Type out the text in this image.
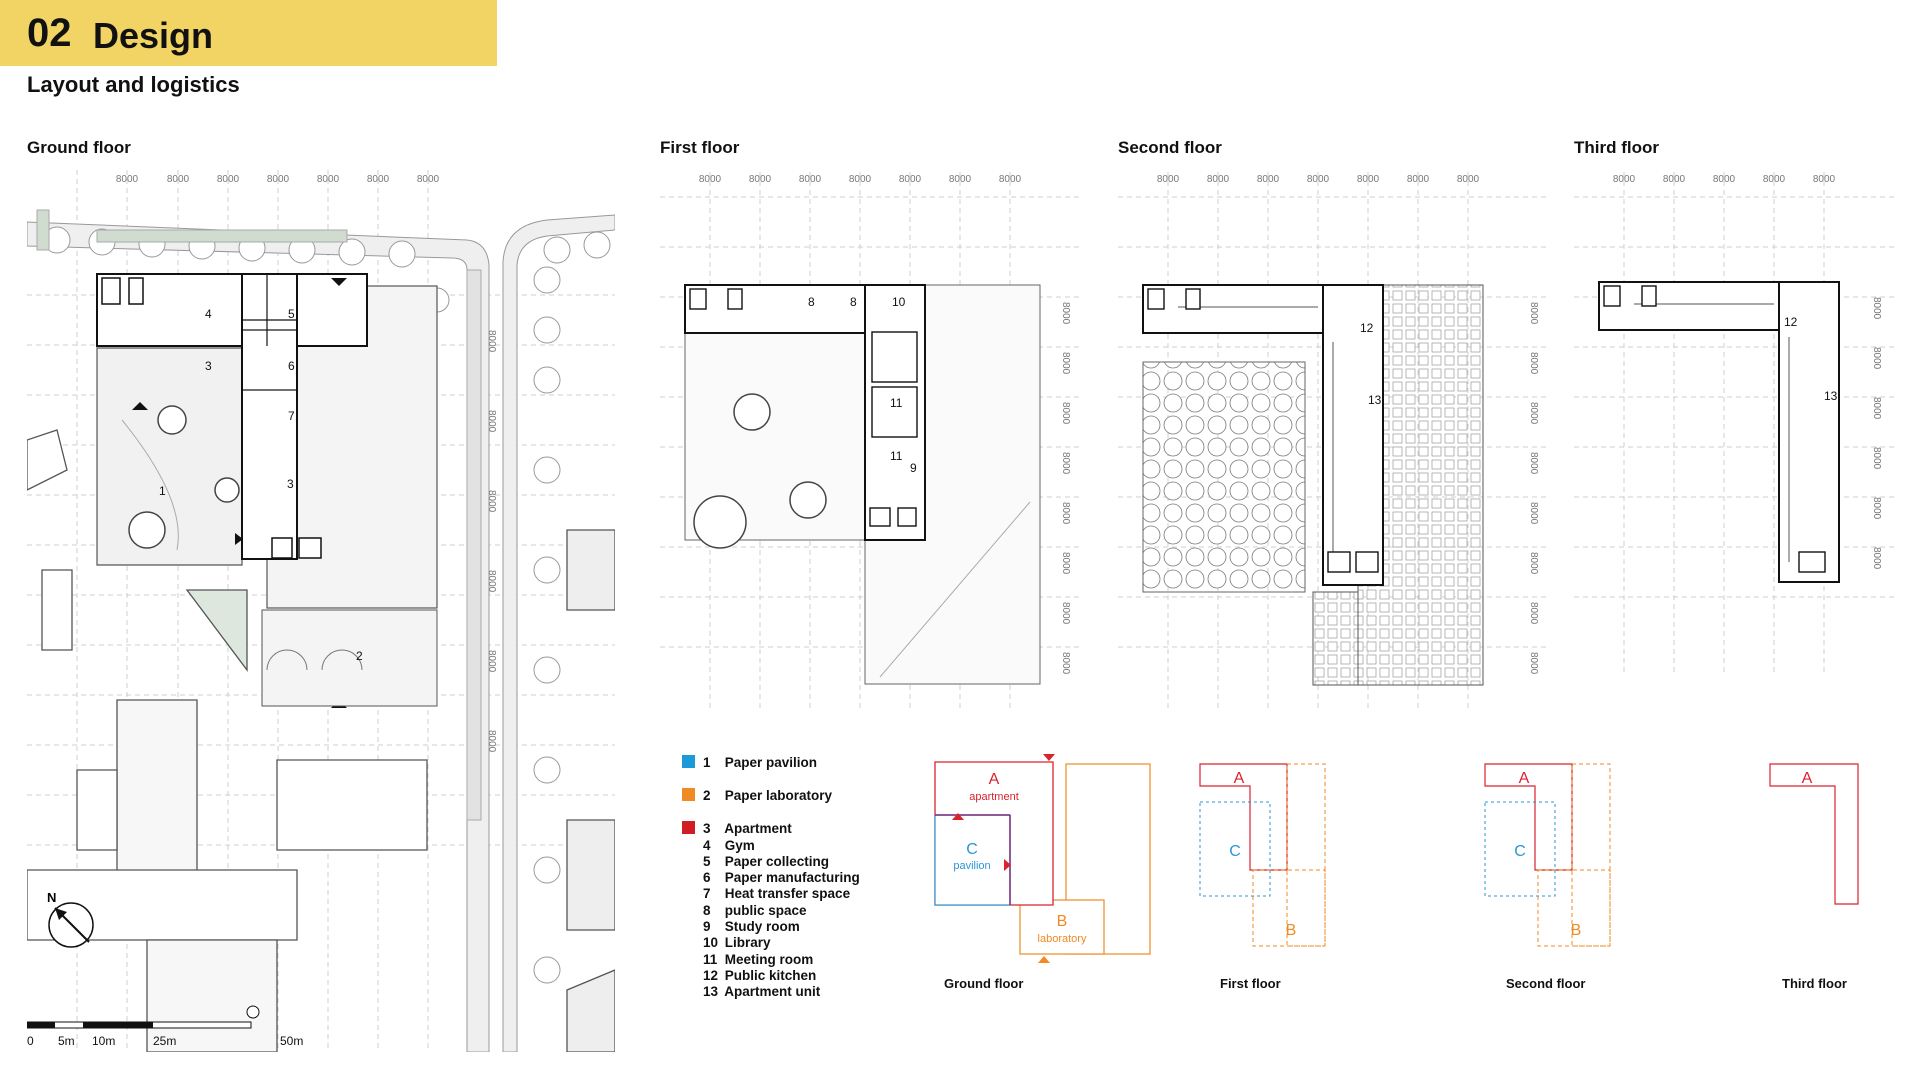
02 Design
Layout and logistics
Ground floor	First floor	Second floor	Third floor
8000	8000	8000	8000	8000	8000	8000
1
2
3
3
4	5
6
7
8000
8000
8000
8000
8000
8000
N
0 5m 10m	25m	50m
8000	8000	8000	8000	8000	8000	8000
8
9
8	10
11
11
8000
8000
8000
8000
8000
8000
8000
8000
8000	8000	8000	8000	8000	8000	8000
12
13
8000
8000
8000
8000
8000
8000
8000
8000
8000	8000	8000	8000	8000
12
13
8000
8000
8000
8000
8000
8000
1 Paper pavilion
2 Paper laboratory
3 Apartment
4 Gym
5 Paper collecting
6 Paper manufacturing
7 Heat transfer space
8 public space
9 Study room
10 Library
11 Meeting room
12 Public kitchen
13 Apartment unit
A
apartment
C
pavilion
B
laboratory
A
C
B
A
C
B
A
Ground floor	First floor	Second floor	Third floor
